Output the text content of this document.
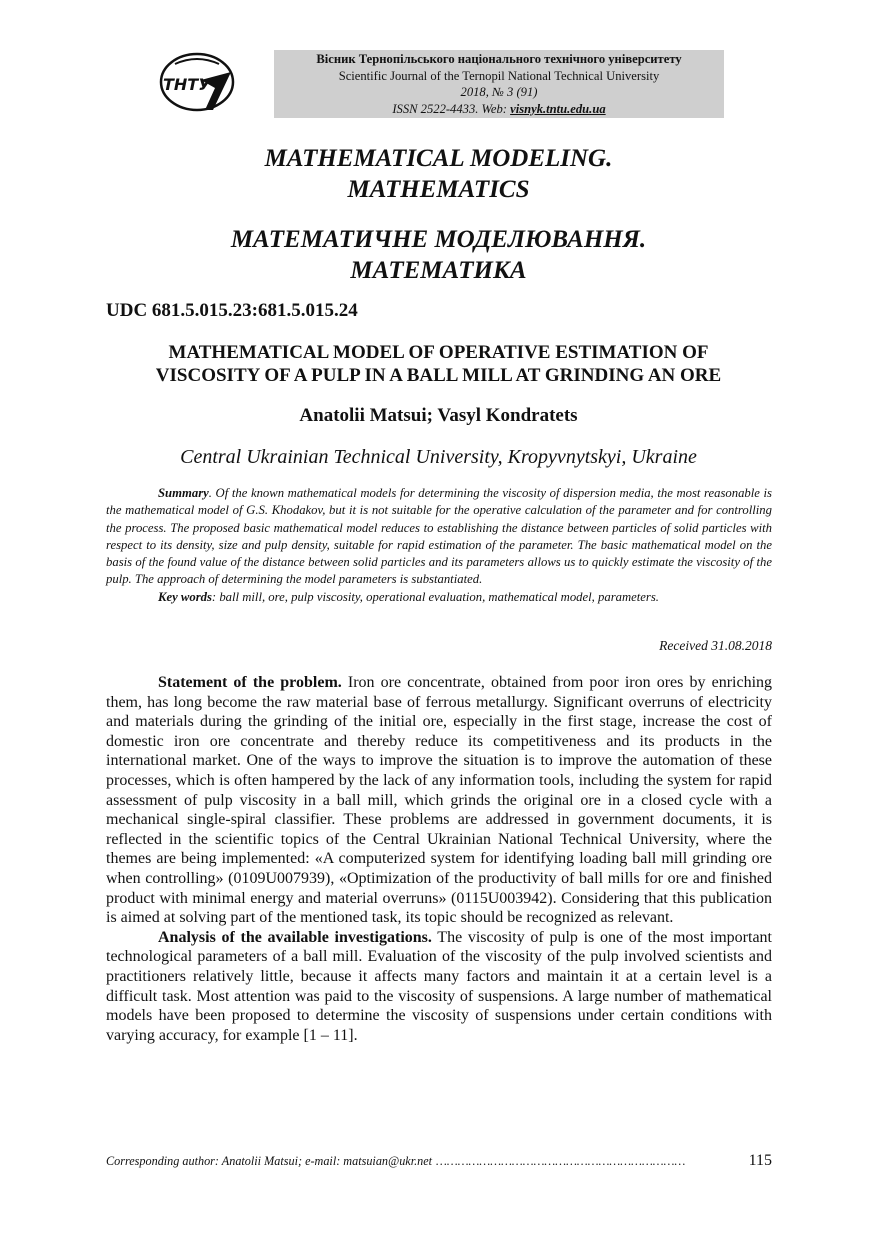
ТНТУ
Вісник Тернопільського національного технічного університету
Scientific Journal of the Ternopil National Technical University
2018, № 3 (91)
ISSN 2522-4433. Web: visnyk.tntu.edu.ua
MATHEMATICAL MODELING.
MATHEMATICS
МАТЕМАТИЧНЕ МОДЕЛЮВАННЯ.
МАТЕМАТИКА
UDC 681.5.015.23:681.5.015.24
MATHEMATICAL MODEL OF OPERATIVE ESTIMATION OF
VISCOSITY OF A PULP IN A BALL MILL AT GRINDING AN ORE
Anatolii Matsui; Vasyl Kondratets
Central Ukrainian Technical University, Kropyvnytskyi, Ukraine

Summary. Of the known mathematical models for determining the viscosity of dispersion media, the most reasonable is the mathematical model of G.S. Khodakov, but it is not suitable for the operative calculation of the parameter and for controlling the process. The proposed basic mathematical model reduces to establishing the distance between particles of solid particles with respect to its density, size and pulp density, suitable for rapid estimation of the parameter. The basic mathematical model on the basis of the found value of the distance between solid particles and its parameters allows us to quickly estimate the viscosity of the pulp. The approach of determining the model parameters is substantiated.

Key words: ball mill, ore, pulp viscosity, operational evaluation, mathematical model, parameters.

Received 31.08.2018

Statement of the problem. Iron ore concentrate, obtained from poor iron ores by enriching them, has long become the raw material base of ferrous metallurgy. Significant overruns of electricity and materials during the grinding of the initial ore, especially in the first stage, increase the cost of domestic iron ore concentrate and thereby reduce its competitiveness and its products in the international market. One of the ways to improve the situation is to improve the automation of these processes, which is often hampered by the lack of any information tools, including the system for rapid assessment of pulp viscosity in a ball mill, which grinds the original ore in a closed cycle with a mechanical single-spiral classifier. These problems are addressed in government documents, it is reflected in the scientific topics of the Central Ukrainian National Technical University, where the themes are being implemented: «A computerized system for identifying loading ball mill grinding ore when controlling» (0109U007939), «Optimization of the productivity of ball mills for ore and finished product with minimal energy and material overruns» (0115U003942). Considering that this publication is aimed at solving part of the mentioned task, its topic should be recognized as relevant.

Analysis of the available investigations. The viscosity of pulp is one of the most important technological parameters of a ball mill. Evaluation of the viscosity of the pulp involved scientists and practitioners relatively little, because it affects many factors and maintain it at a certain level is a difficult task. Most attention was paid to the viscosity of suspensions. A large number of mathematical models have been proposed to determine the viscosity of suspensions under certain conditions with varying accuracy, for example [1 – 11].

Corresponding author: Anatolii Matsui; e-mail: matsuian@ukr.net ……………………………………………………………	115
